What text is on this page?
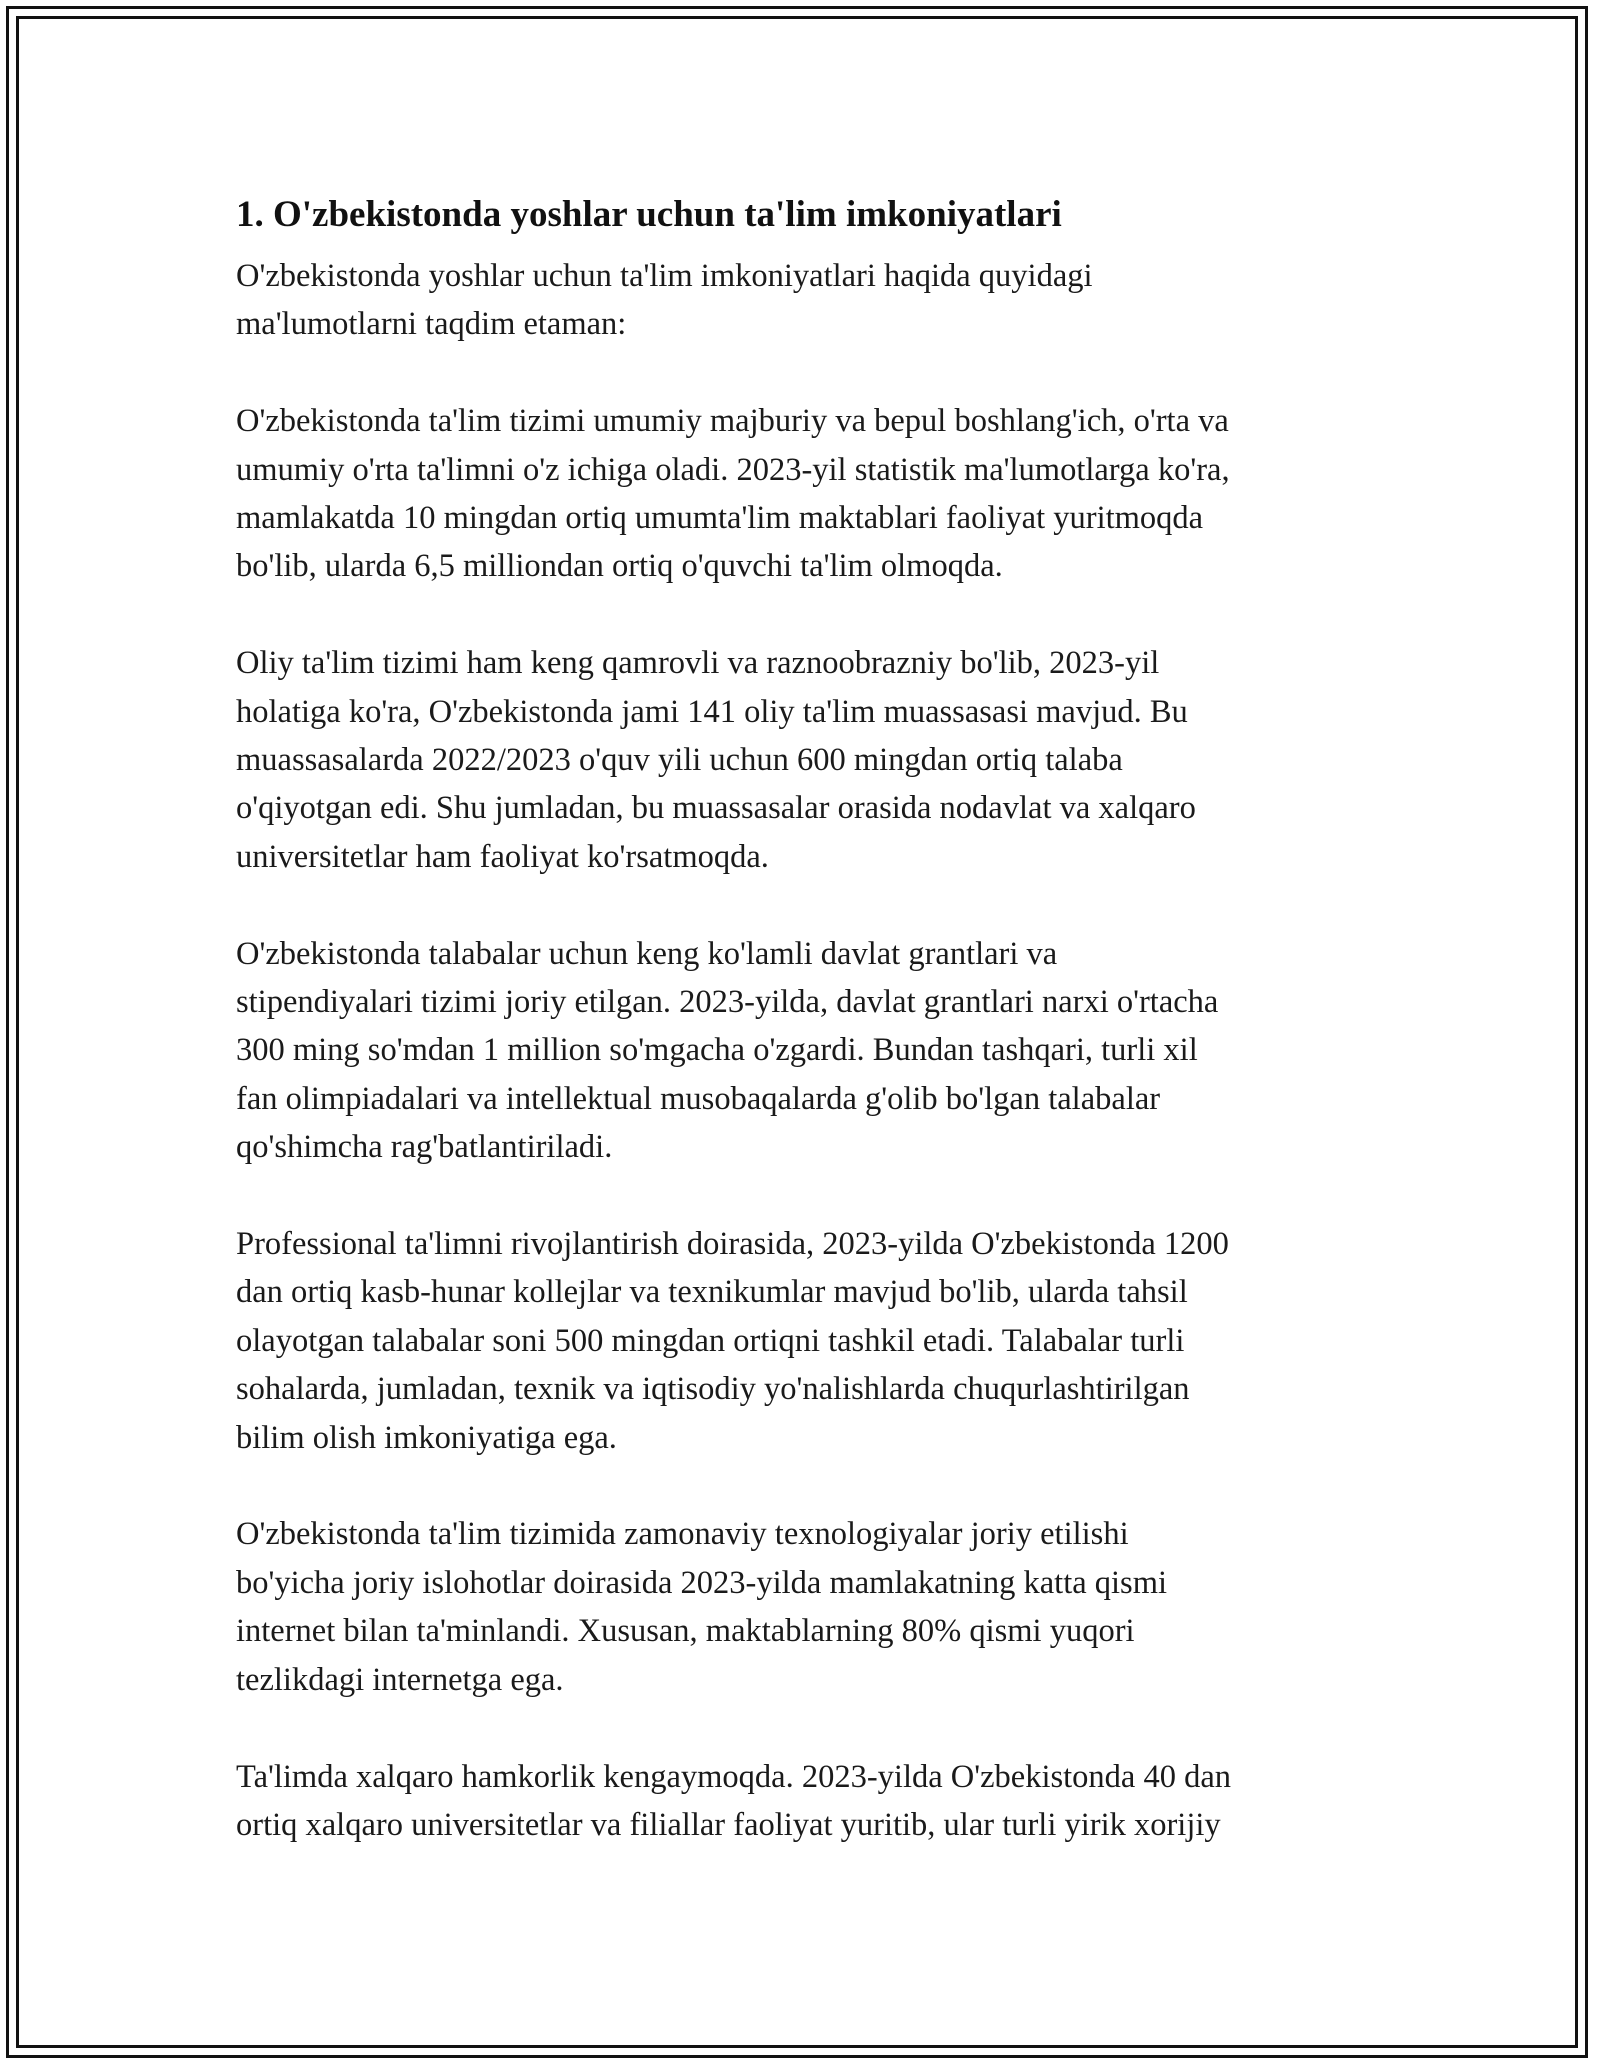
1. O'zbekistonda yoshlar uchun ta'lim imkoniyatlari

O'zbekistonda yoshlar uchun ta'lim imkoniyatlari haqida quyidagi
ma'lumotlarni taqdim etaman:

O'zbekistonda ta'lim tizimi umumiy majburiy va bepul boshlang'ich, o'rta va
umumiy o'rta ta'limni o'z ichiga oladi. 2023-yil statistik ma'lumotlarga ko'ra,
mamlakatda 10 mingdan ortiq umumta'lim maktablari faoliyat yuritmoqda
bo'lib, ularda 6,5 milliondan ortiq o'quvchi ta'lim olmoqda.

Oliy ta'lim tizimi ham keng qamrovli va raznoobrazniy bo'lib, 2023-yil
holatiga ko'ra, O'zbekistonda jami 141 oliy ta'lim muassasasi mavjud. Bu
muassasalarda 2022/2023 o'quv yili uchun 600 mingdan ortiq talaba
o'qiyotgan edi. Shu jumladan, bu muassasalar orasida nodavlat va xalqaro
universitetlar ham faoliyat ko'rsatmoqda.

O'zbekistonda talabalar uchun keng ko'lamli davlat grantlari va
stipendiyalari tizimi joriy etilgan. 2023-yilda, davlat grantlari narxi o'rtacha
300 ming so'mdan 1 million so'mgacha o'zgardi. Bundan tashqari, turli xil
fan olimpiadalari va intellektual musobaqalarda g'olib bo'lgan talabalar
qo'shimcha rag'batlantiriladi.

Professional ta'limni rivojlantirish doirasida, 2023-yilda O'zbekistonda 1200
dan ortiq kasb-hunar kollejlar va texnikumlar mavjud bo'lib, ularda tahsil
olayotgan talabalar soni 500 mingdan ortiqni tashkil etadi. Talabalar turli
sohalarda, jumladan, texnik va iqtisodiy yo'nalishlarda chuqurlashtirilgan
bilim olish imkoniyatiga ega.

O'zbekistonda ta'lim tizimida zamonaviy texnologiyalar joriy etilishi
bo'yicha joriy islohotlar doirasida 2023-yilda mamlakatning katta qismi
internet bilan ta'minlandi. Xususan, maktablarning 80% qismi yuqori
tezlikdagi internetga ega.

Ta'limda xalqaro hamkorlik kengaymoqda. 2023-yilda O'zbekistonda 40 dan
ortiq xalqaro universitetlar va filiallar faoliyat yuritib, ular turli yirik xorijiy
